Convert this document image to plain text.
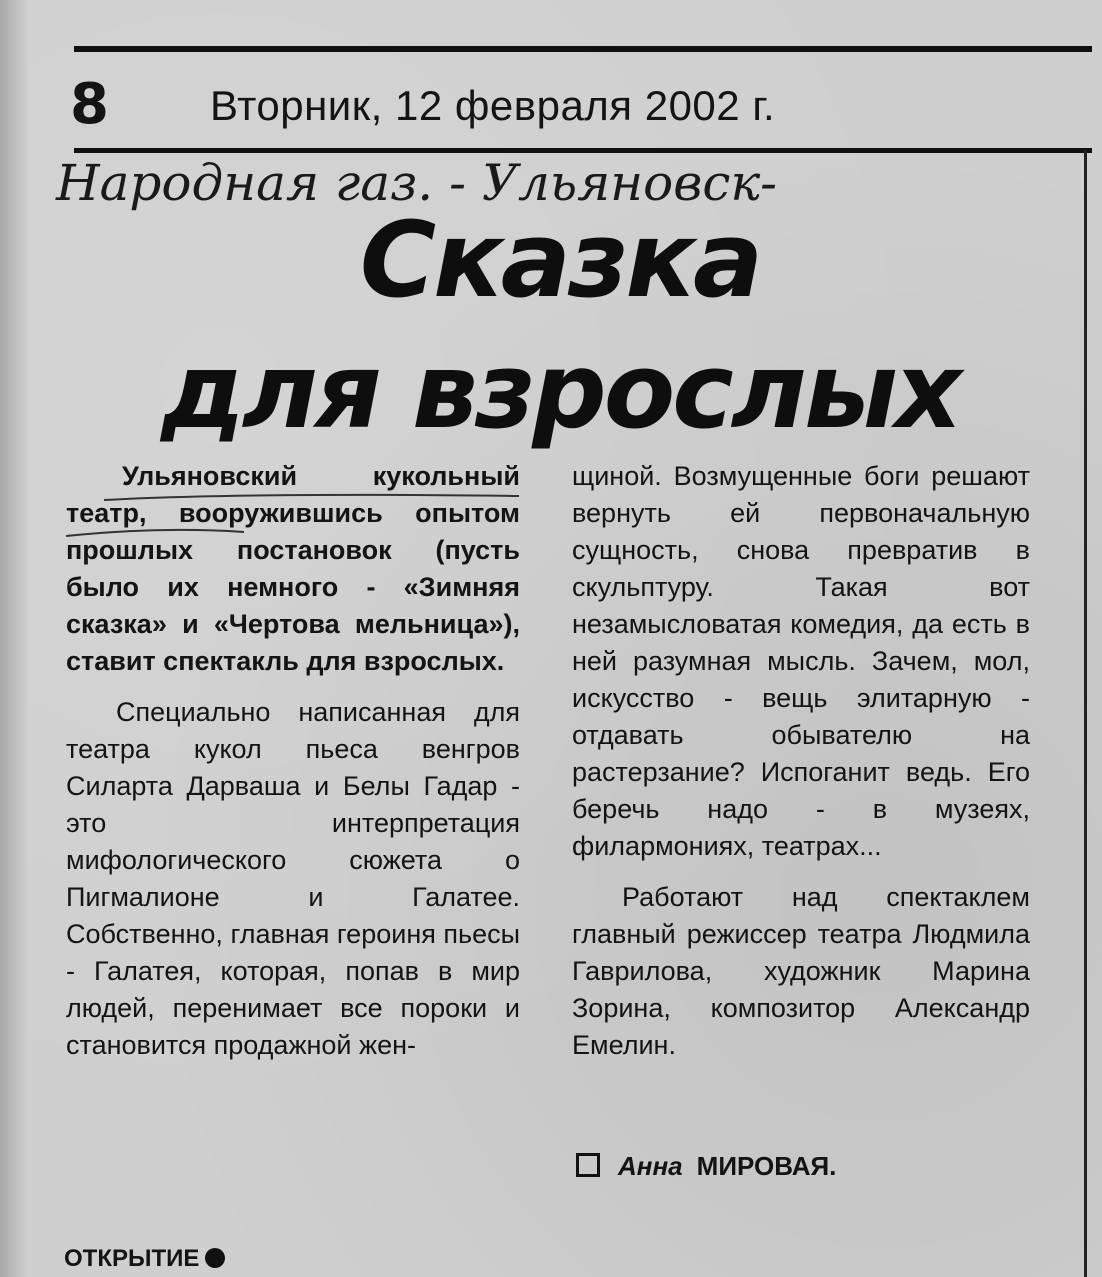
8	Вторник, 12 февраля 2002 г.
Народная газ. - Ульяновск-
Сказка
для взрослых

Ульяновский кукольный театр, вооружившись опытом прошлых постановок (пусть было их немного - «Зимняя сказка» и «Чертова мельница»), ставит спектакль для взрослых.

Специально написанная для театра кукол пьеса венгров Силарта Дарваша и Белы Гадар - это интерпретация мифологического сюжета о Пигмалионе и Галатее. Собственно, главная героиня пьесы - Галатея, которая, попав в мир людей, перенимает все пороки и становится продажной жен-

щиной. Возмущенные боги решают вернуть ей первоначальную сущность, снова превратив в скульптуру. Такая вот незамысловатая комедия, да есть в ней разумная мысль. Зачем, мол, искусство - вещь элитарную - отдавать обывателю на растерзание? Испоганит ведь. Его беречь надо - в музеях, филармониях, театрах...

Работают над спектаклем главный режиссер театра Людмила Гаврилова, художник Марина Зорина, композитор Александр Емелин.

Анна МИРОВАЯ.
ОТКРЫТИЕ
